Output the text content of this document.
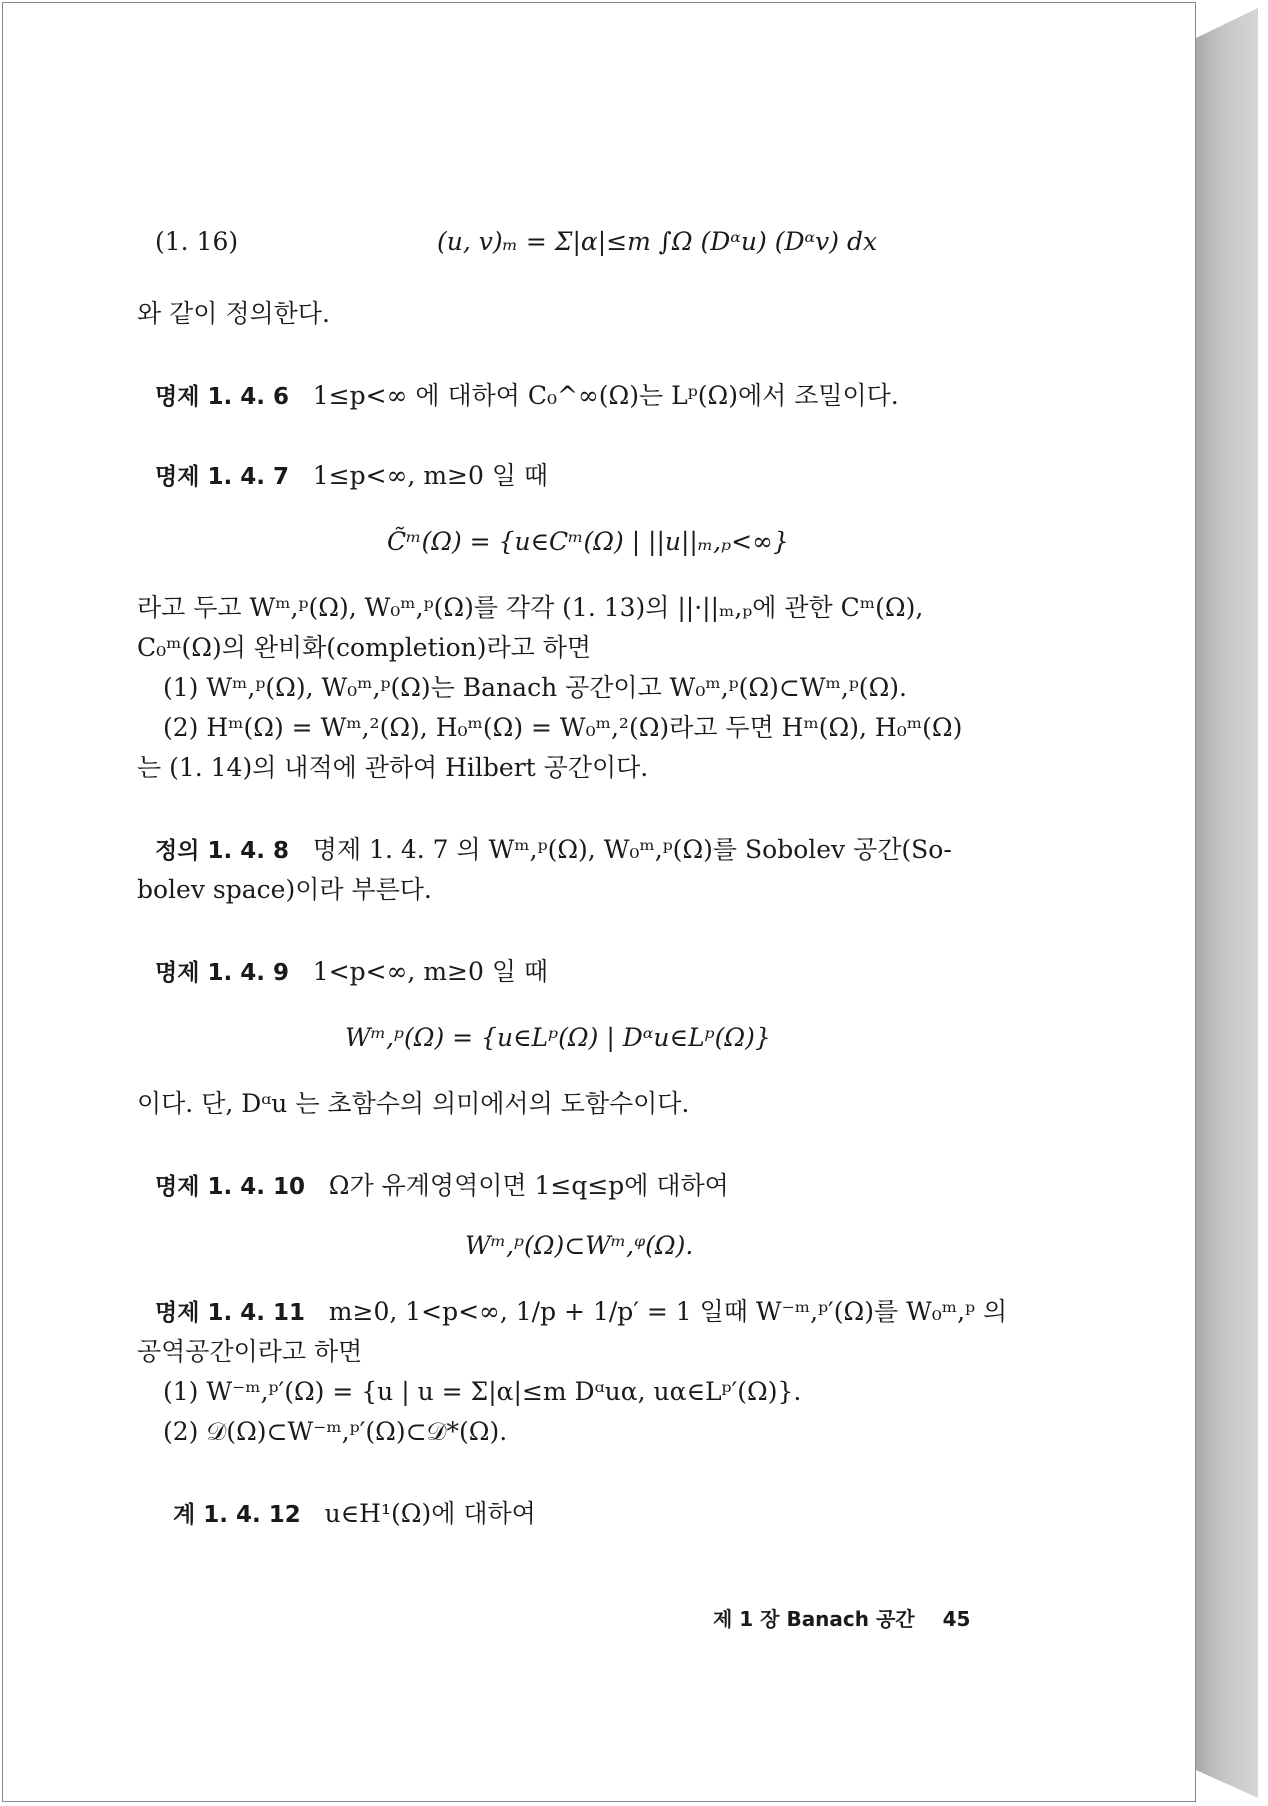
(1. 16)	(u, v)ₘ = Σ|α|≤m ∫Ω (Dᵅu) (Dᵅv) dx
와 같이 정의한다.
명제 1. 4. 6 1≤p<∞ 에 대하여 C₀^∞(Ω)는 Lᵖ(Ω)에서 조밀이다.
명제 1. 4. 7 1≤p<∞, m≥0 일 때
C̃ᵐ(Ω) = {u∈Cᵐ(Ω) | ||u||ₘ,ₚ<∞}
라고 두고 Wᵐ,ᵖ(Ω), W₀ᵐ,ᵖ(Ω)를 각각 (1. 13)의 ||·||ₘ,ₚ에 관한 Cᵐ(Ω),
C₀ᵐ(Ω)의 완비화(completion)라고 하면
(1) Wᵐ,ᵖ(Ω), W₀ᵐ,ᵖ(Ω)는 Banach 공간이고 W₀ᵐ,ᵖ(Ω)⊂Wᵐ,ᵖ(Ω).
(2) Hᵐ(Ω) = Wᵐ,²(Ω), H₀ᵐ(Ω) = W₀ᵐ,²(Ω)라고 두면 Hᵐ(Ω), H₀ᵐ(Ω)
는 (1. 14)의 내적에 관하여 Hilbert 공간이다.
정의 1. 4. 8 명제 1. 4. 7 의 Wᵐ,ᵖ(Ω), W₀ᵐ,ᵖ(Ω)를 Sobolev 공간(So-
bolev space)이라 부른다.
명제 1. 4. 9 1<p<∞, m≥0 일 때
Wᵐ,ᵖ(Ω) = {u∈Lᵖ(Ω) | Dᵅu∈Lᵖ(Ω)}
이다. 단, Dᵅu 는 초함수의 의미에서의 도함수이다.
명제 1. 4. 10 Ω가 유계영역이면 1≤q≤p에 대하여
Wᵐ,ᵖ(Ω)⊂Wᵐ,ᵠ(Ω).
명제 1. 4. 11 m≥0, 1<p<∞, 1/p + 1/p′ = 1 일때 W⁻ᵐ,ᵖ′(Ω)를 W₀ᵐ,ᵖ 의
공역공간이라고 하면
(1) W⁻ᵐ,ᵖ′(Ω) = {u | u = Σ|α|≤m Dᵅuα, uα∈Lᵖ′(Ω)}.
(2) 𝒟(Ω)⊂W⁻ᵐ,ᵖ′(Ω)⊂𝒟*(Ω).
계 1. 4. 12 u∈H¹(Ω)에 대하여
제 1 장 Banach 공간 45
